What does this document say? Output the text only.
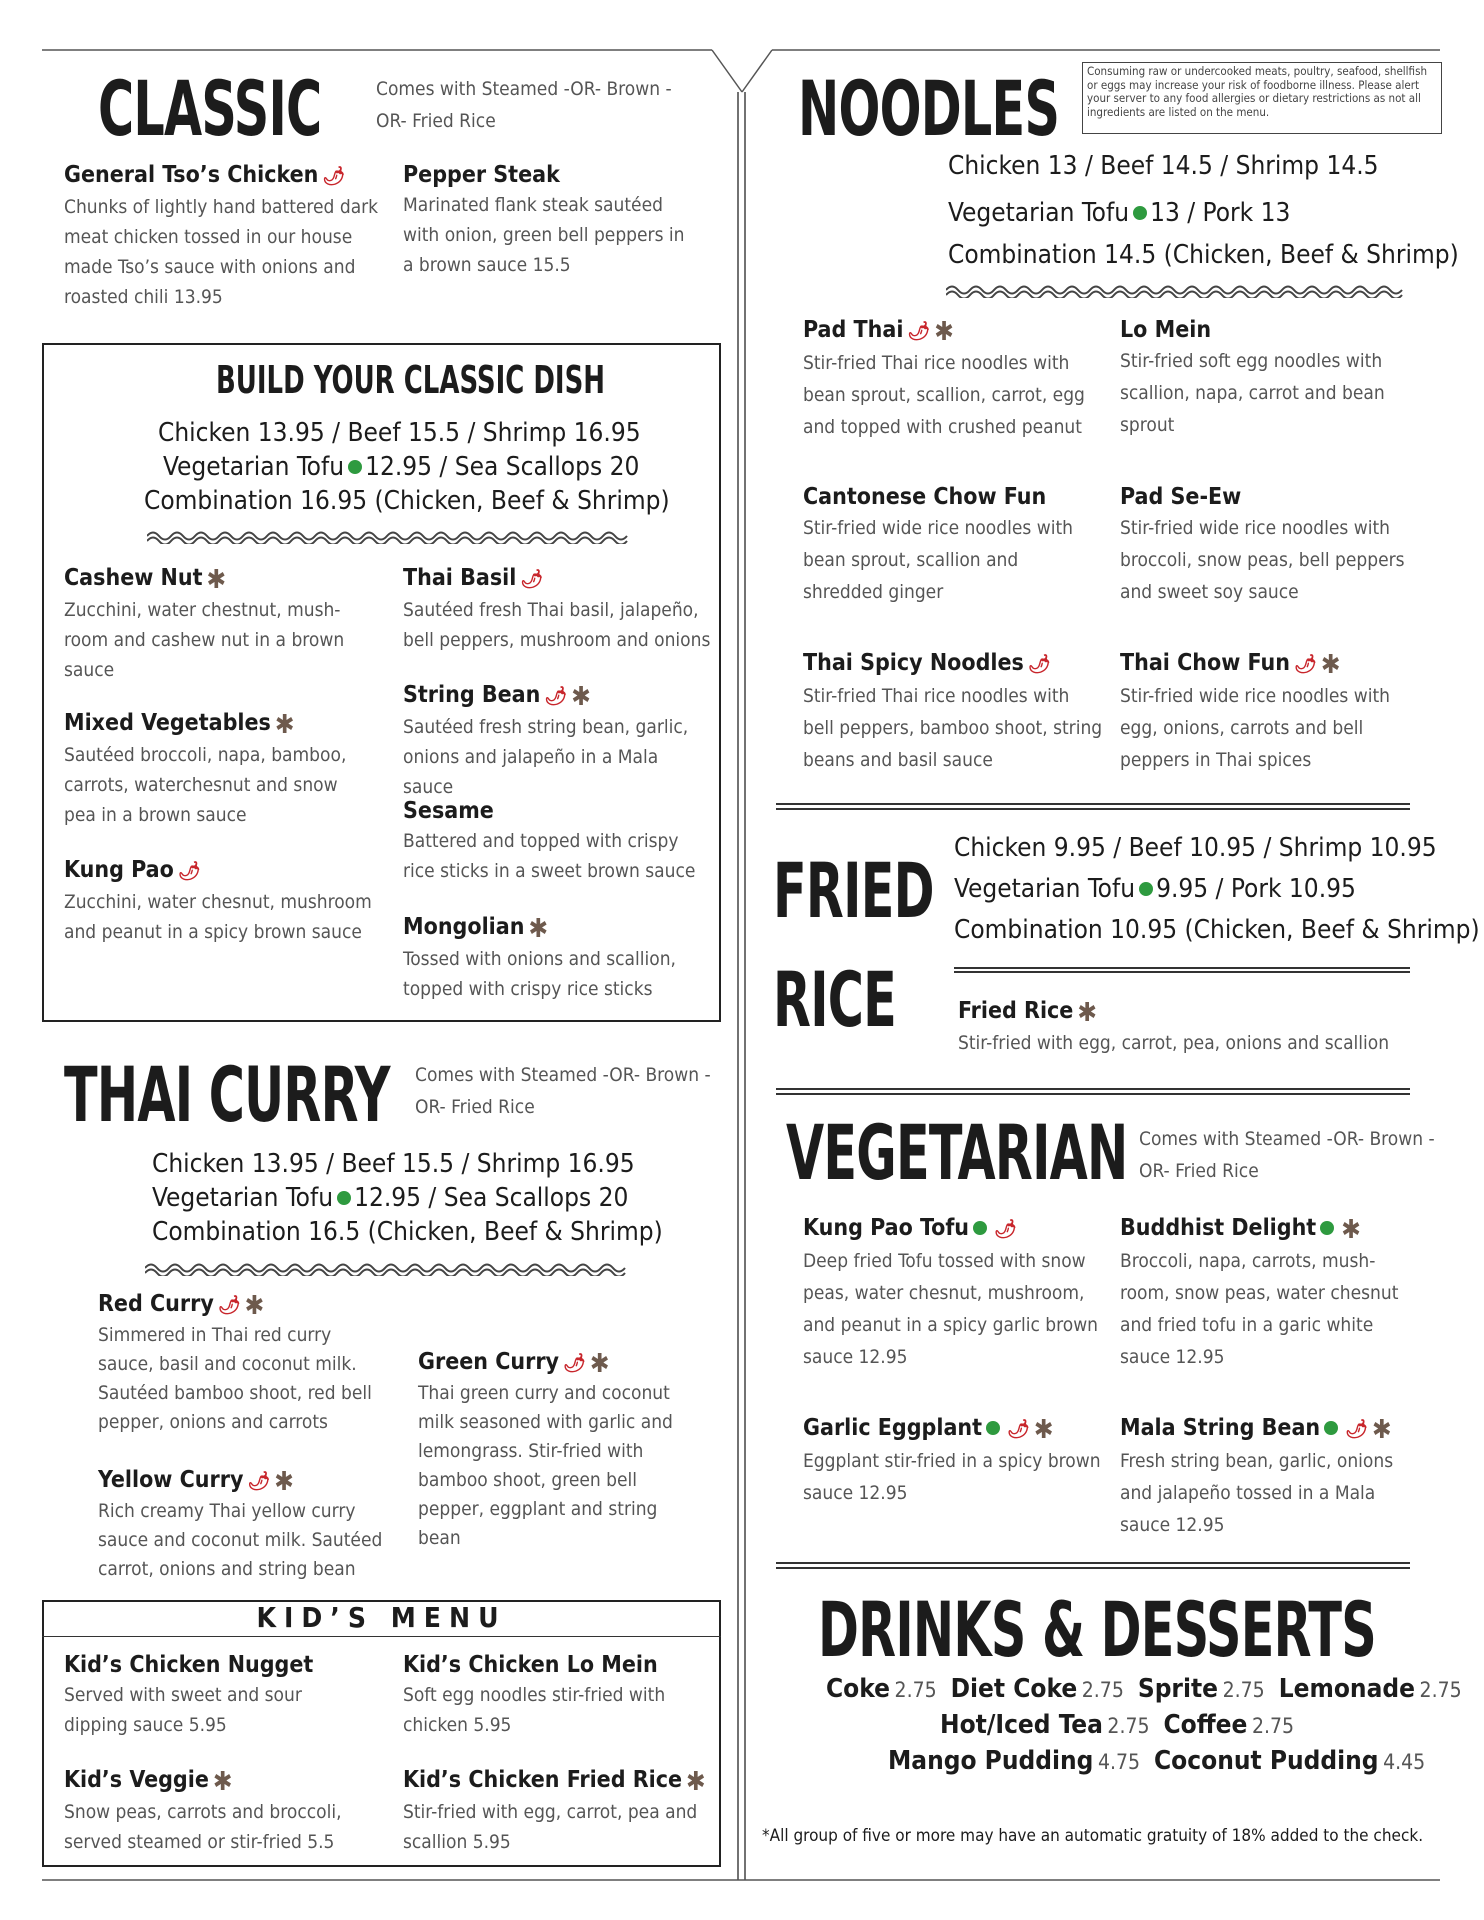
CLASSIC	Comes with Steamed -OR- Brown -OR- Fried Rice
General Tso’s Chicken 🌶
Chunks of lightly hand battered dark meat chicken tossed in our house made Tso’s sauce with onions and roasted chili 13.95
Pepper Steak
Marinated flank steak sautéed with onion, green bell peppers in a brown sauce 15.5
BUILD YOUR CLASSIC DISH
Chicken 13.95 / Beef 15.5 / Shrimp 16.95
Vegetarian Tofu 12.95 / Sea Scallops 20
Combination 16.95 (Chicken, Beef & Shrimp)
Cashew Nut ✱
Zucchini, water chestnut, mush-room and cashew nut in a brown sauce
Thai Basil 🌶
Sautéed fresh Thai basil, jalapeño, bell peppers, mushroom and onions
Mixed Vegetables ✱
Sautéed broccoli, napa, bamboo, carrots, waterchesnut and snow pea in a brown sauce
String Bean 🌶 ✱
Sautéed fresh string bean, garlic, onions and jalapeño in a Mala sauce
Sesame
Battered and topped with crispy rice sticks in a sweet brown sauce
Kung Pao 🌶
Zucchini, water chesnut, mushroom and peanut in a spicy brown sauce	Mongolian ✱
Tossed with onions and scallion, topped with crispy rice sticks
THAI CURRY Comes with Steamed -OR- Brown -OR- Fried Rice
Chicken 13.95 / Beef 15.5 / Shrimp 16.95
Vegetarian Tofu 12.95 / Sea Scallops 20
Combination 16.5 (Chicken, Beef & Shrimp)
Red Curry 🌶 ✱
Simmered in Thai red curry sauce, basil and coconut milk. Sautéed bamboo shoot, red bell pepper, onions and carrots
Green Curry 🌶 ✱
Thai green curry and coconut milk seasoned with garlic and lemongrass. Stir-fried with bamboo shoot, green bell pepper, eggplant and string bean
Yellow Curry 🌶 ✱
Rich creamy Thai yellow curry sauce and coconut milk. Sautéed carrot, onions and string bean
KID’S MENU
Kid’s Chicken Nugget
Served with sweet and sour dipping sauce 5.95
Kid’s Chicken Lo Mein
Soft egg noodles stir-fried with chicken 5.95
Kid’s Veggie ✱
Snow peas, carrots and broccoli, served steamed or stir-fried 5.5
Kid’s Chicken Fried Rice ✱
Stir-fried with egg, carrot, pea and scallion 5.95
NOODLES Consuming raw or undercooked meats, poultry, seafood, shellfish or eggs may increase your risk of foodborne illness. Please alert your server to any food allergies or dietary restrictions as not all ingredients are listed on the menu.
Chicken 13 / Beef 14.5 / Shrimp 14.5
Vegetarian Tofu 13 / Pork 13
Combination 14.5 (Chicken, Beef & Shrimp)
Pad Thai 🌶 ✱
Stir-fried Thai rice noodles with bean sprout, scallion, carrot, egg and topped with crushed peanut
Lo Mein
Stir-fried soft egg noodles with scallion, napa, carrot and bean sprout
Cantonese Chow Fun
Stir-fried wide rice noodles with bean sprout, scallion and shredded ginger
Pad Se-Ew
Stir-fried wide rice noodles with broccoli, snow peas, bell peppers and sweet soy sauce
Thai Spicy Noodles 🌶
Stir-fried Thai rice noodles with bell peppers, bamboo shoot, string beans and basil sauce
Thai Chow Fun 🌶 ✱
Stir-fried wide rice noodles with egg, onions, carrots and bell peppers in Thai spices
FRIED
RICE
Chicken 9.95 / Beef 10.95 / Shrimp 10.95
Vegetarian Tofu 9.95 / Pork 10.95
Combination 10.95 (Chicken, Beef & Shrimp)
Fried Rice ✱
Stir-fried with egg, carrot, pea, onions and scallion
VEGETARIAN Comes with Steamed -OR- Brown -OR- Fried Rice
Kung Pao Tofu 🌶
Deep fried Tofu tossed with snow peas, water chesnut, mushroom, and peanut in a spicy garlic brown sauce 12.95
Buddhist Delight ✱
Broccoli, napa, carrots, mush-room, snow peas, water chesnut and fried tofu in a garic white sauce 12.95
Garlic Eggplant 🌶 ✱
Eggplant stir-fried in a spicy brown sauce 12.95
Mala String Bean 🌶 ✱
Fresh string bean, garlic, onions and jalapeño tossed in a Mala sauce 12.95
DRINKS & DESSERTS
Coke 2.75 Diet Coke 2.75 Sprite 2.75 Lemonade 2.75
Hot/Iced Tea 2.75 Coffee 2.75
Mango Pudding 4.75 Coconut Pudding 4.45
*All group of five or more may have an automatic gratuity of 18% added to the check.
